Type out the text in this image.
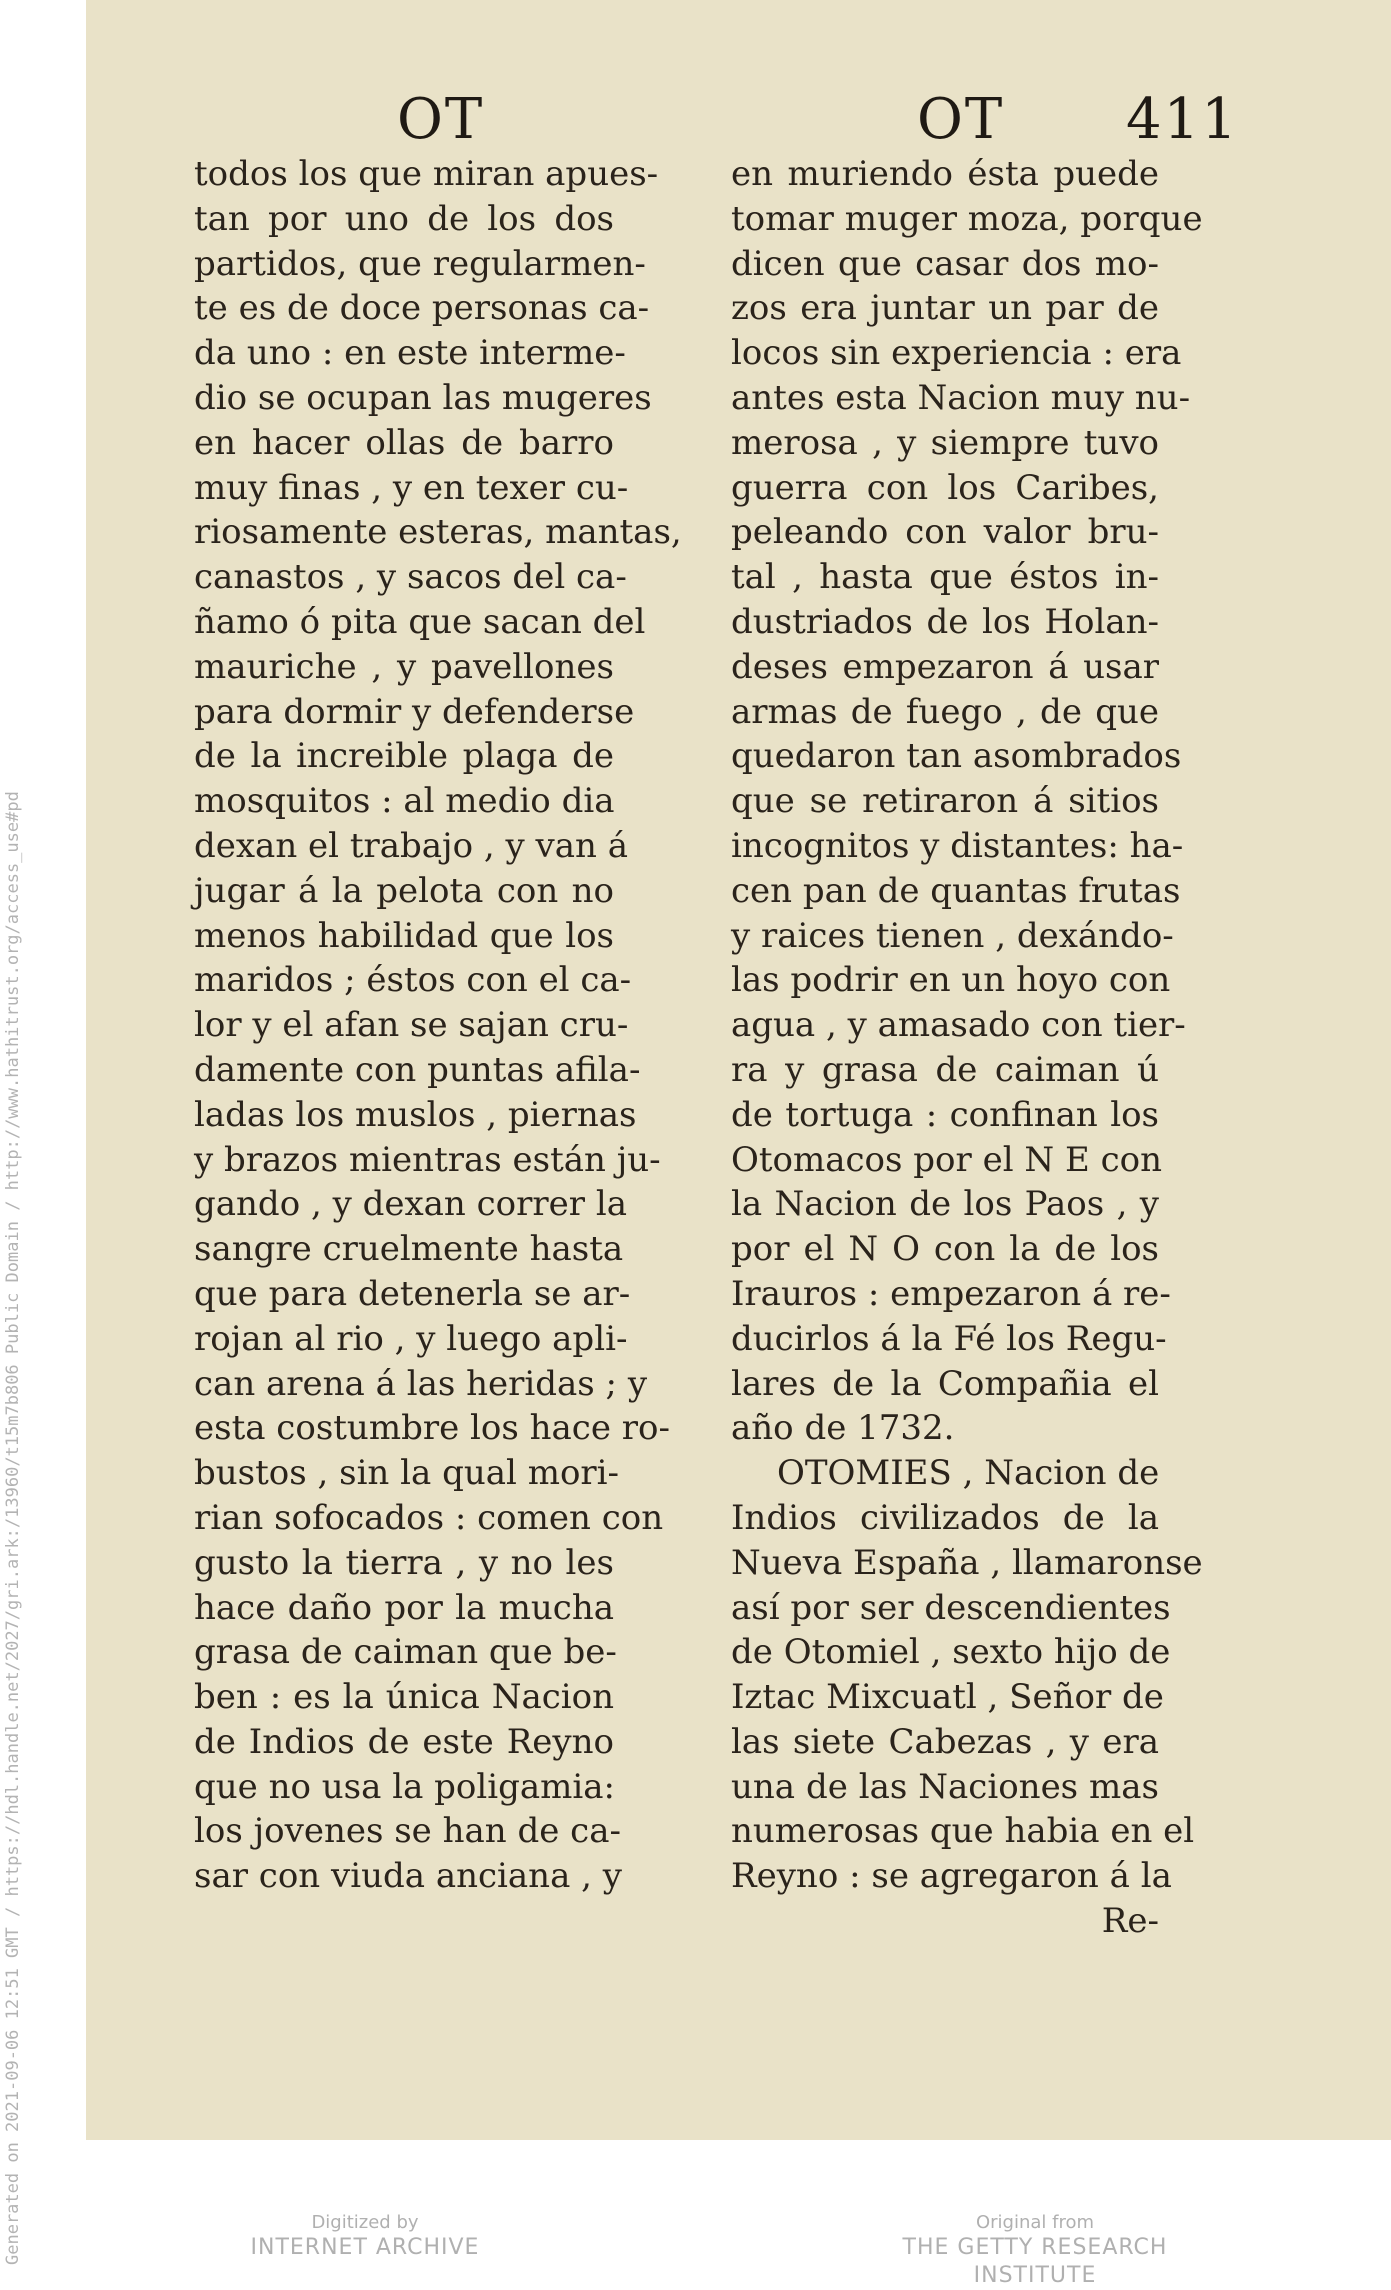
Generated on 2021-09-06 12:51 GMT / https://hdl.handle.net/2027/gri.ark:/13960/t15m7b806 Public Domain / http://www.hathitrust.org/access_use#pd
OT	OT 411
todos los que miran apues-
tan por uno de los dos
partidos, que regularmen-
te es de doce personas ca-
da uno : en este interme-
dio se ocupan las mugeres
en hacer ollas de barro
muy finas , y en texer cu-
riosamente esteras, mantas,
canastos , y sacos del ca-
ñamo ó pita que sacan del
mauriche , y pavellones
para dormir y defenderse
de la increible plaga de
mosquitos : al medio dia
dexan el trabajo , y van á
jugar á la pelota con no
menos habilidad que los
maridos ; éstos con el ca-
lor y el afan se sajan cru-
damente con puntas afila-
ladas los muslos , piernas
y brazos mientras están ju-
gando , y dexan correr la
sangre cruelmente hasta
que para detenerla se ar-
rojan al rio , y luego apli-
can arena á las heridas ; y
esta costumbre los hace ro-
bustos , sin la qual mori-
rian sofocados : comen con
gusto la tierra , y no les
hace daño por la mucha
grasa de caiman que be-
ben : es la única Nacion
de Indios de este Reyno
que no usa la poligamia:
los jovenes se han de ca-
sar con viuda anciana , y
en muriendo ésta puede
tomar muger moza, porque
dicen que casar dos mo-
zos era juntar un par de
locos sin experiencia : era
antes esta Nacion muy nu-
merosa , y siempre tuvo
guerra con los Caribes,
peleando con valor bru-
tal , hasta que éstos in-
dustriados de los Holan-
deses empezaron á usar
armas de fuego , de que
quedaron tan asombrados
que se retiraron á sitios
incognitos y distantes: ha-
cen pan de quantas frutas
y raices tienen , dexándo-
las podrir en un hoyo con
agua , y amasado con tier-
ra y grasa de caiman ú
de tortuga : confinan los
Otomacos por el N E con
la Nacion de los Paos , y
por el N O con la de los
Irauros : empezaron á re-
ducirlos á la Fé los Regu-
lares de la Compañia el
año de 1732.
OTOMIES , Nacion de
Indios civilizados de la
Nueva España , llamaronse
así por ser descendientes
de Otomiel , sexto hijo de
Iztac Mixcuatl , Señor de
las siete Cabezas , y era
una de las Naciones mas
numerosas que habia en el
Reyno : se agregaron á la
Re-
Digitized by
INTERNET ARCHIVE
Original from
THE GETTY RESEARCH INSTITUTE
